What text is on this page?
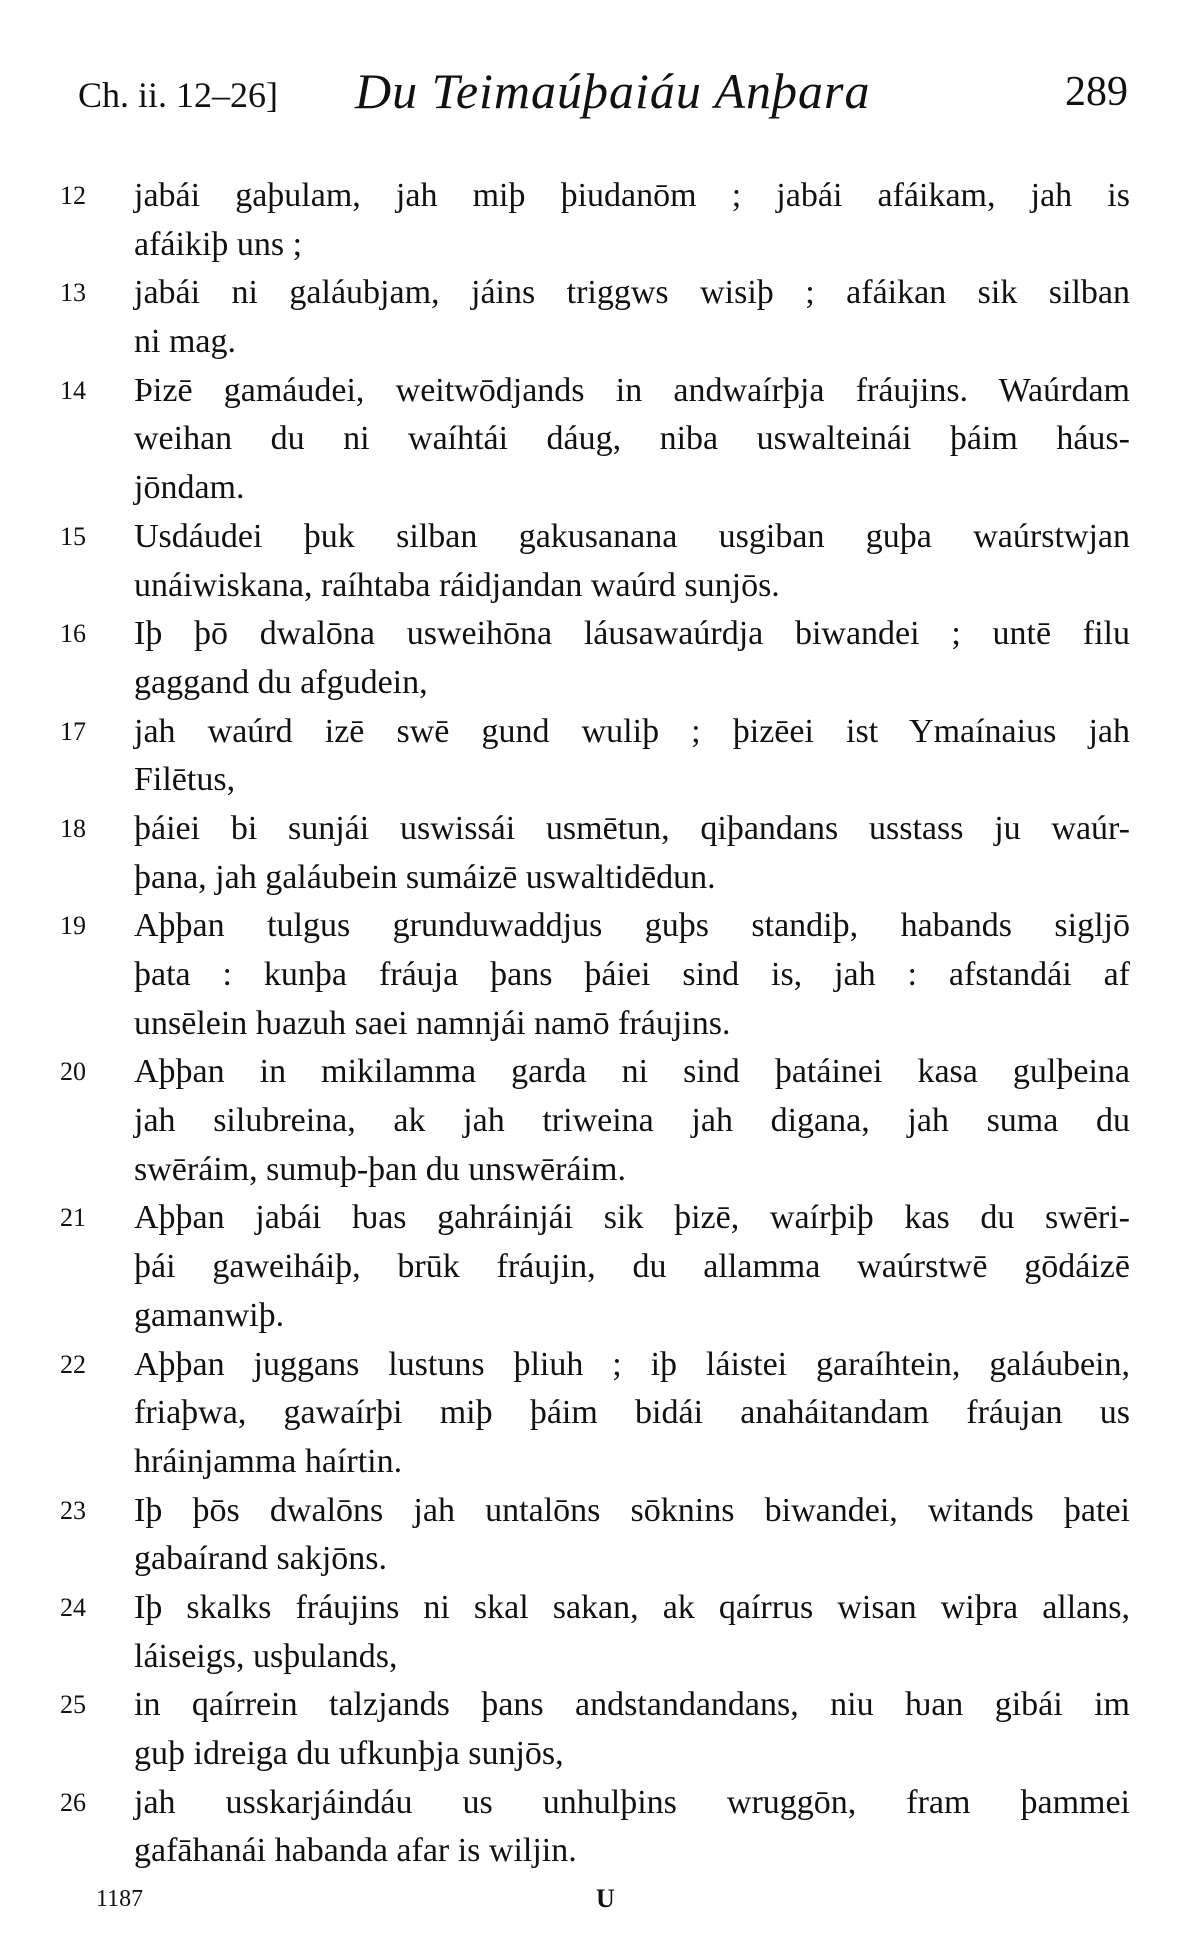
Ch. ii. 12–26] Du Teimaúþaiáu Anþara	289
12	jabái gaþulam, jah miþ þiudanōm ; jabái afáikam, jah is
afáikiþ uns ;
13	jabái ni galáubjam, jáins triggws wisiþ ; afáikan sik silban
ni mag.
14	Þizē gamáudei, weitwōdjands in andwaírþja fráujins. Waúrdam
weihan du ni waíhtái dáug, niba uswalteinái þáim háus-
jōndam.
15	Usdáudei þuk silban gakusanana usgiban guþa waúrstwjan
unáiwiskana, raíhtaba ráidjandan waúrd sunjōs.
16	Iþ þō dwalōna usweihōna láusawaúrdja biwandei ; untē filu
gaggand du afgudein,
17	jah waúrd izē swē gund wuliþ ; þizēei ist Ymaínaius jah
Filētus,
18	þáiei bi sunjái uswissái usmētun, qiþandans usstass ju waúr-
þana, jah galáubein sumáizē uswaltidēdun.
19	Aþþan tulgus grunduwaddjus guþs standiþ, habands sigljō
þata : kunþa fráuja þans þáiei sind is, jah : afstandái af
unsēlein ƕazuh saei namnjái namō fráujins.
20	Aþþan in mikilamma garda ni sind þatáinei kasa gulþeina
jah silubreina, ak jah triweina jah digana, jah suma du
swēráim, sumuþ-þan du unswēráim.
21	Aþþan jabái ƕas gahráinjái sik þizē, waírþiþ kas du swēri-
þái gaweiháiþ, brūk fráujin, du allamma waúrstwē gōdáizē
gamanwiþ.
22	Aþþan juggans lustuns þliuh ; iþ láistei garaíhtein, galáubein,
friaþwa, gawaírþi miþ þáim bidái anaháitandam fráujan us
hráinjamma haírtin.
23	Iþ þōs dwalōns jah untalōns sōknins biwandei, witands þatei
gabaírand sakjōns.
24	Iþ skalks fráujins ni skal sakan, ak qaírrus wisan wiþra allans,
láiseigs, usþulands,
25	in qaírrein talzjands þans andstandandans, niu ƕan gibái im
guþ idreiga du ufkunþja sunjōs,
26	jah usskarjáindáu us unhulþins wruggōn, fram þammei
gafāhanái habanda afar is wiljin.
1187	U
